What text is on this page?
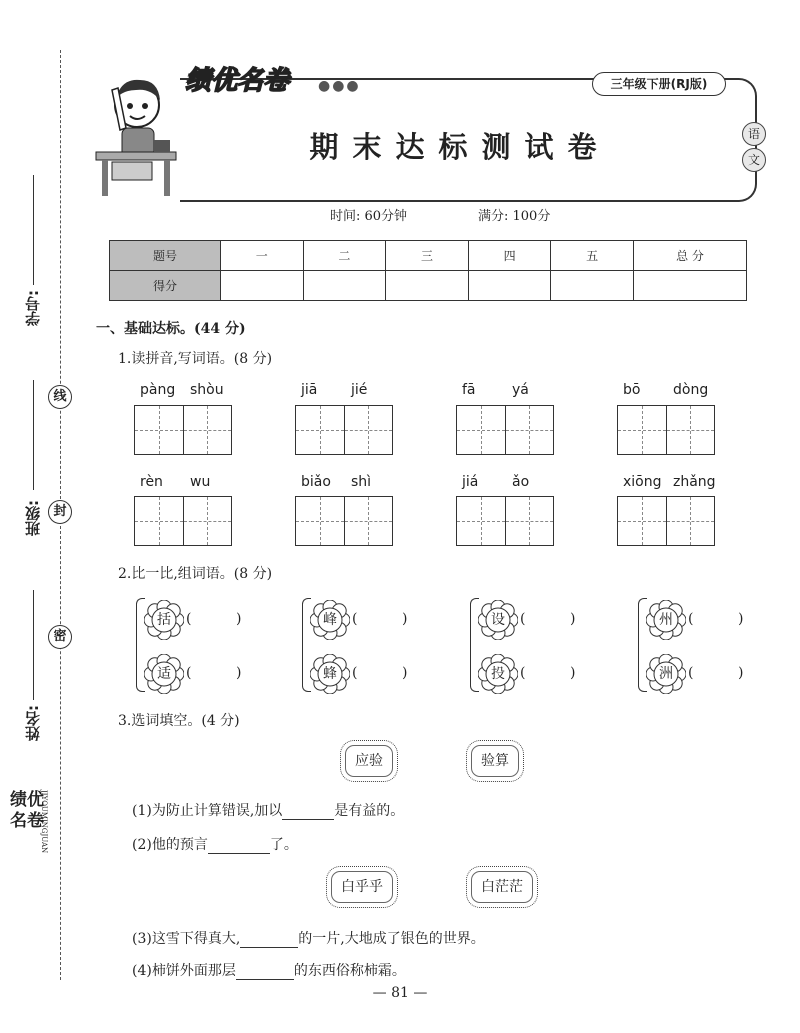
学号:
线
班级: 封
密
姓名:
绩优名卷
JIYOUMINGJUAN
绩优名卷 ●●●	三年级下册(RJ版)
期末达标测试卷	语
文
时间: 60分钟	满分: 100分
题号	一	二	三	四	五	总 分
得分						
一、基础达标。(44 分)
1.读拼音,写词语。(8 分)
pàng shòu	jiā jié	fā	yá	bō dòng
rèn wu	biǎo shì	jiá ǎo	xiōng zhǎng
2.比一比,组词语。(8 分)
括	(          )
适	(          )
峰	(          )
蜂	(          )
设	(          )
投	(          )
州	(          )
洲	(          )
3.选词填空。(4 分)
应验	验算
(1)为防止计算错误,加以	是有益的。
(2)他的预言	了。
白乎乎	白茫茫
(3)这雪下得真大,	的一片,大地成了银色的世界。
(4)柿饼外面那层	的东西俗称柿霜。
— 81 —
